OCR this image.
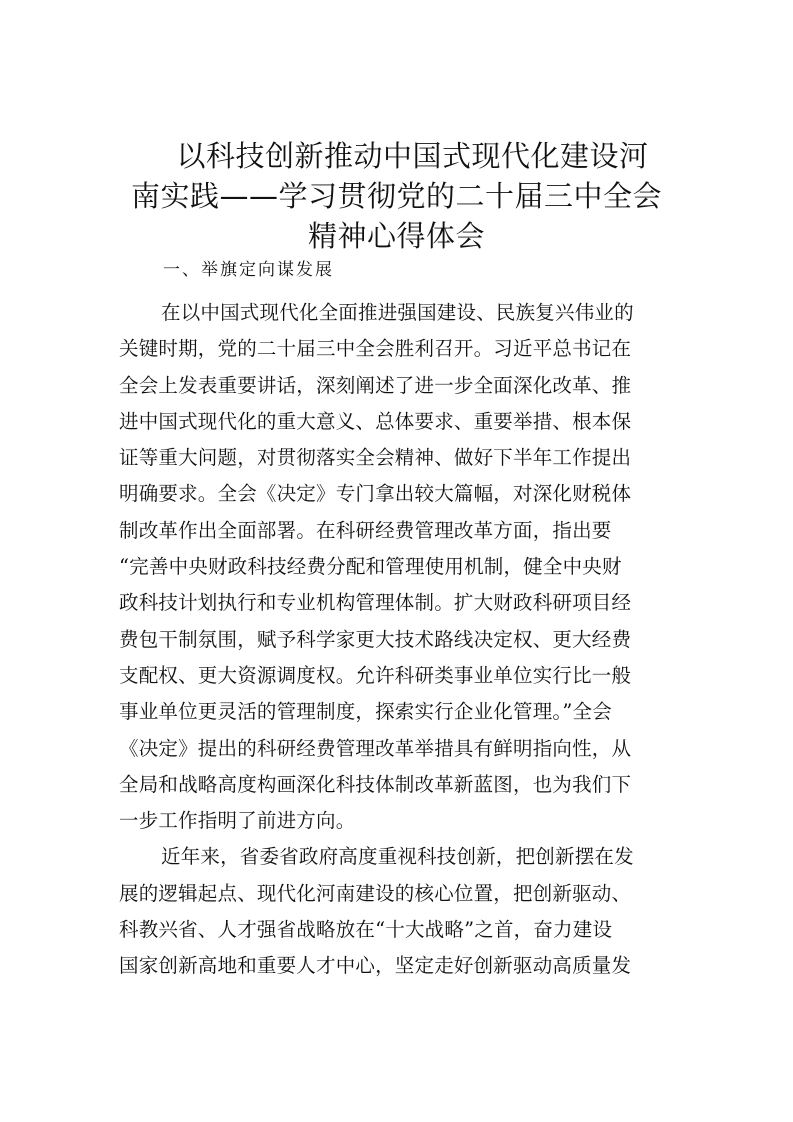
以科技创新推动中国式现代化建设河
南实践——学习贯彻党的二十届三中全会
精神心得体会

一、举旗定向谋发展

在以中国式现代化全面推进强国建设、民族复兴伟业的
关键时期，党的二十届三中全会胜利召开。习近平总书记在
全会上发表重要讲话，深刻阐述了进一步全面深化改革、推
进中国式现代化的重大意义、总体要求、重要举措、根本保
证等重大问题，对贯彻落实全会精神、做好下半年工作提出
明确要求。全会《决定》专门拿出较大篇幅，对深化财税体
制改革作出全面部署。在科研经费管理改革方面，指出要
“完善中央财政科技经费分配和管理使用机制，健全中央财
政科技计划执行和专业机构管理体制。扩大财政科研项目经
费包干制氛围，赋予科学家更大技术路线决定权、更大经费
支配权、更大资源调度权。允许科研类事业单位实行比一般
事业单位更灵活的管理制度，探索实行企业化管理。”全会
《决定》提出的科研经费管理改革举措具有鲜明指向性，从
全局和战略高度构画深化科技体制改革新蓝图，也为我们下
一步工作指明了前进方向。

近年来，省委省政府高度重视科技创新，把创新摆在发
展的逻辑起点、现代化河南建设的核心位置，把创新驱动、
科教兴省、人才强省战略放在“十大战略”之首，奋力建设
国家创新高地和重要人才中心，坚定走好创新驱动高质量发
